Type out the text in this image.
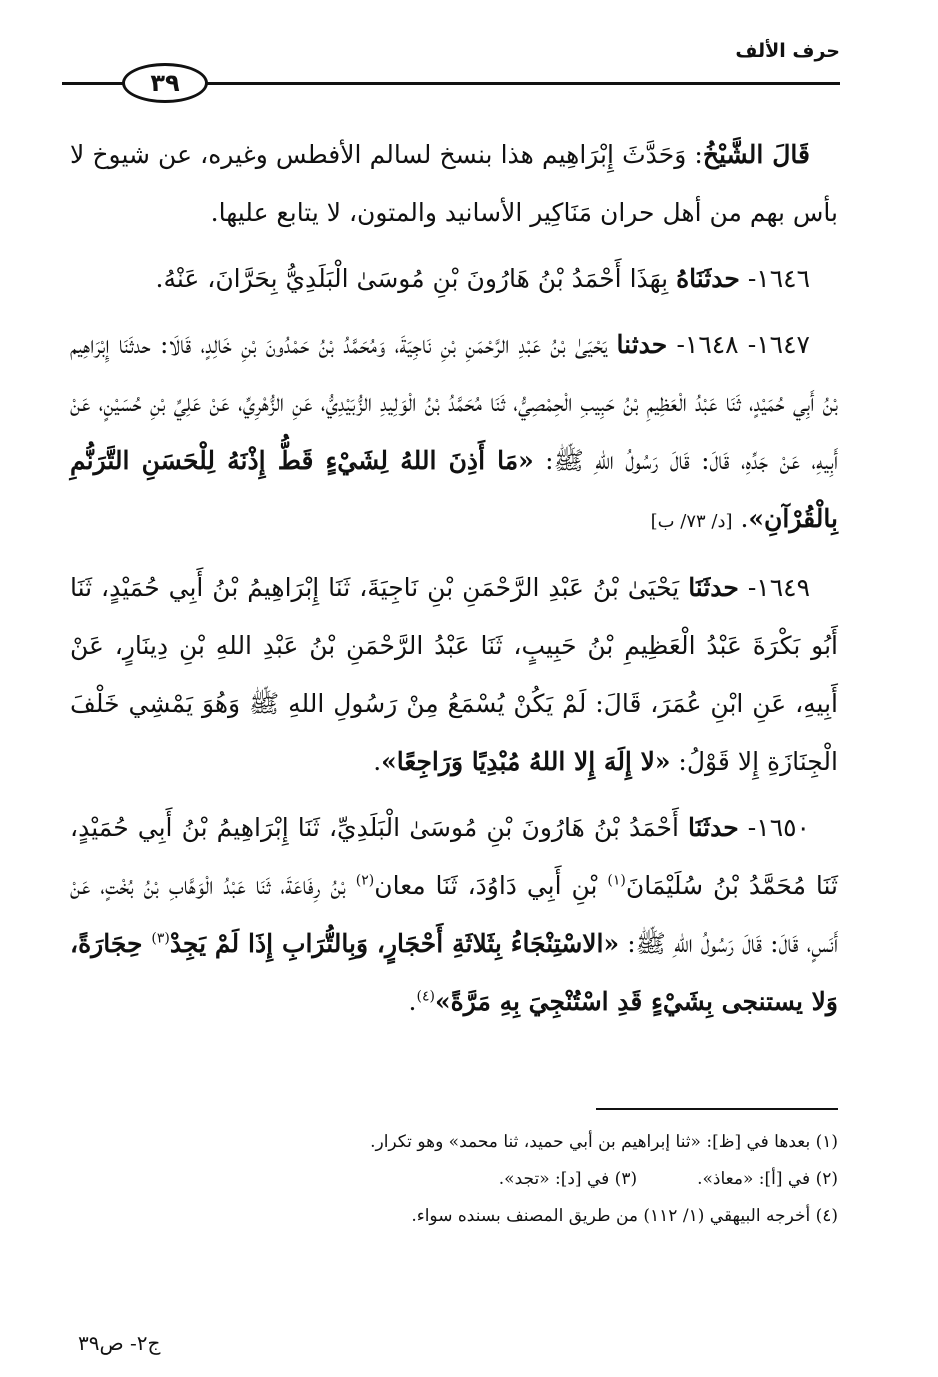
حرف الألف
٣٩

قَالَ الشَّيْخُ: وَحَدَّثَ إِبْرَاهِيم هذا بنسخ لسالم الأفطس وغيره، عن شيوخ لا بأس بهم من أهل حران مَنَاكِير الأسانيد والمتون، لا يتابع عليها.

١٦٤٦- حدثَنَاهُ بِهَذَا أَحْمَدُ بْنُ هَارُونَ بْنِ مُوسَىٰ الْبَلَدِيُّ بِحَرَّانَ، عَنْهُ.

١٦٤٧- ١٦٤٨- حدثنا يَحْيَىٰ بْنُ عَبْدِ الرَّحْمَنِ بْنِ نَاجِيَةَ، وَمُحَمَّدُ بْنُ حَمْدُونَ بْنِ خَالِدٍ، قَالَا: حدثَنَا إِبْرَاهِيم بْنُ أَبِي حُمَيْدٍ، ثَنَا عَبْدُ الْعَظِيمِ بْنُ حَبِيبِ الْحِمْصِيُّ، ثَنَا مُحَمَّدُ بْنُ الْوَلِيدِ الزُّبَيْدِيُّ، عَنِ الزُّهْرِيِّ، عَنْ عَلِيِّ بْنِ حُسَيْنٍ، عَنْ أَبِيهِ، عَنْ جَدِّهِ، قَالَ: قَالَ رَسُولُ اللهِ ﷺ: «مَا أَذِنَ اللهُ لِشَيْءٍ قَطُّ إِذْنَهُ لِلْحَسَنِ التَّرَنُّمِ بِالْقُرْآنِ». [د/ ٧٣/ ب]

١٦٤٩- حدثَنَا يَحْيَىٰ بْنُ عَبْدِ الرَّحْمَنِ بْنِ نَاجِيَةَ، ثَنَا إِبْرَاهِيمُ بْنُ أَبِي حُمَيْدٍ، ثَنَا أَبُو بَكْرَةَ عَبْدُ الْعَظِيمِ بْنُ حَبِيبٍ، ثَنَا عَبْدُ الرَّحْمَنِ بْنُ عَبْدِ اللهِ بْنِ دِينَارٍ، عَنْ أَبِيهِ، عَنِ ابْنِ عُمَرَ، قَالَ: لَمْ يَكُنْ يُسْمَعُ مِنْ رَسُولِ اللهِ ﷺ وَهُوَ يَمْشِي خَلْفَ الْجِنَازَةِ إِلا قَوْلُ: «لا إِلَهَ إِلا اللهُ مُبْدِيًا وَرَاجِعًا».

١٦٥٠- حدثَنَا أَحْمَدُ بْنُ هَارُونَ بْنِ مُوسَىٰ الْبَلَدِيِّ، ثَنَا إِبْرَاهِيمُ بْنُ أَبِي حُمَيْدٍ، ثَنَا مُحَمَّدُ بْنُ سُلَيْمَانَ$^{(١)}$ بْنِ أَبِي دَاوُدَ، ثَنَا معان$^{(٢)}$ بْنُ رِفَاعَةَ، ثَنَا عَبْدُ الْوَهَّابِ بْنُ بُخْتٍ، عَنْ أَنَسٍ، قَالَ: قَالَ رَسُولُ اللهِ ﷺ: «الاسْتِنْجَاءُ بِثَلاثَةِ أَحْجَارٍ، وَبِالتُّرَابِ إِذَا لَمْ يَجِدْ$^{(٣)}$ حِجَارَةً، وَلا يستنجى بِشَيْءٍ قَدِ اسْتُنْجِيَ بِهِ مَرَّةً»$^{(٤)}$.

(١) بعدها في [ظ]: «ثنا إبراهيم بن أبي حميد، ثنا محمد» وهو تكرار.
(٢) في [أ]: «معاذ».
(٣) في [د]: «تجد».
(٤) أخرجه البيهقي (١/ ١١٢) من طريق المصنف بسنده سواء.
ج٢- ص٣٩
